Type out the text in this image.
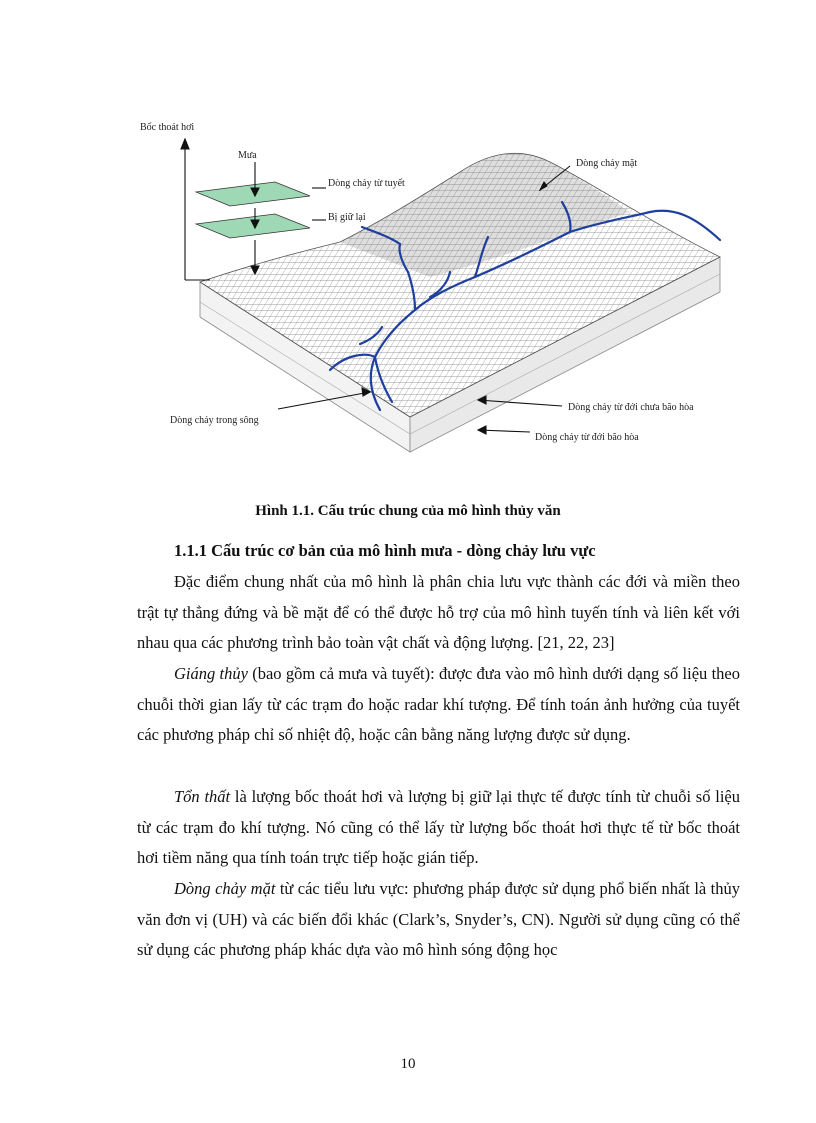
Bốc thoát hơi
Mưa
Dòng chảy từ tuyết
Bị giữ lại
Dòng chảy mặt
Dòng chảy trong sông
Dòng chảy từ đới chưa bão hòa
Dòng chảy từ đới bão hòa
Hình 1.1. Cấu trúc chung của mô hình thủy văn
1.1.1 Cấu trúc cơ bản của mô hình mưa - dòng chảy lưu vực

Đặc điểm chung nhất của mô hình là phân chia lưu vực thành các đới và miền theo trật tự thẳng đứng và bề mặt để có thể được hỗ trợ của mô hình tuyến tính và liên kết với nhau qua các phương trình bảo toàn vật chất và động lượng. [21, 22, 23]

Giáng thủy (bao gồm cả mưa và tuyết): được đưa vào mô hình dưới dạng số liệu theo chuỗi thời gian lấy từ các trạm đo hoặc radar khí tượng. Để tính toán ảnh hưởng của tuyết các phương pháp chỉ số nhiệt độ, hoặc cân bằng năng lượng được sử dụng.

Tổn thất là lượng bốc thoát hơi và lượng bị giữ lại thực tế được tính từ chuỗi số liệu từ các trạm đo khí tượng. Nó cũng có thể lấy từ lượng bốc thoát hơi thực tế từ bốc thoát hơi tiềm năng qua tính toán trực tiếp hoặc gián tiếp.

Dòng chảy mặt từ các tiểu lưu vực: phương pháp được sử dụng phổ biến nhất là thủy văn đơn vị (UH) và các biến đổi khác (Clark’s, Snyder’s, CN). Người sử dụng cũng có thể sử dụng các phương pháp khác dựa vào mô hình sóng động học

10
